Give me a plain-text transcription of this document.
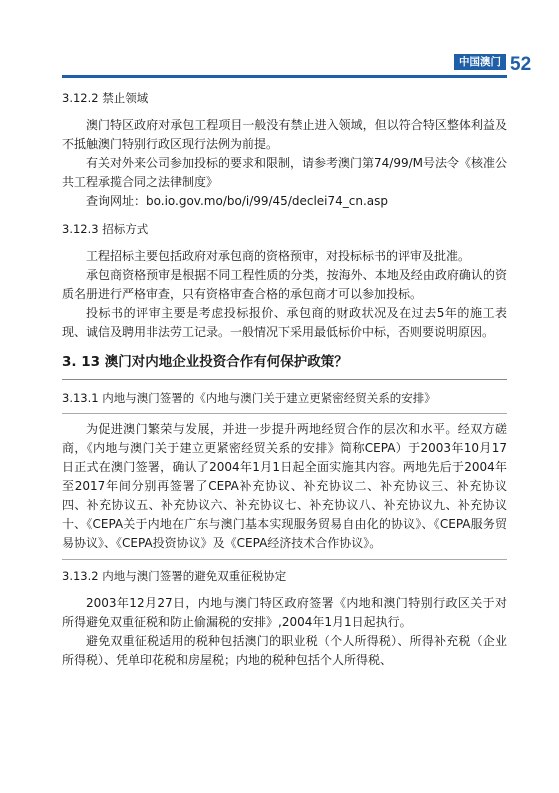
中国澳门 52
3.12.2 禁止领域

澳门特区政府对承包工程项目一般没有禁止进入领域，但以符合特区整体利益及不抵触澳门特别行政区现行法例为前提。

有关对外来公司参加投标的要求和限制，请参考澳门第74/99/M号法令《核准公共工程承揽合同之法律制度》

查询网址：bo.io.gov.mo/bo/i/99/45/declei74_cn.asp

3.12.3 招标方式

工程招标主要包括政府对承包商的资格预审，对投标标书的评审及批准。

承包商资格预审是根据不同工程性质的分类，按海外、本地及经由政府确认的资质名册进行严格审查，只有资格审查合格的承包商才可以参加投标。

投标书的评审主要是考虑投标报价、承包商的财政状况及在过去5年的施工表现、诚信及聘用非法劳工记录。一般情况下采用最低标价中标，否则要说明原因。

3. 13 澳门对内地企业投资合作有何保护政策？
3.13.1 内地与澳门签署的《内地与澳门关于建立更紧密经贸关系的安排》

为促进澳门繁荣与发展，并进一步提升两地经贸合作的层次和水平。经双方磋商，《内地与澳门关于建立更紧密经贸关系的安排》简称CEPA）于2003年10月17日正式在澳门签署，确认了2004年1月1日起全面实施其内容。两地先后于2004年至2017年间分别再签署了CEPA补充协议、补充协议二、补充协议三、补充协议四、补充协议五、补充协议六、补充协议七、补充协议八、补充协议九、补充协议十、《CEPA关于内地在广东与澳门基本实现服务贸易自由化的协议》、《CEPA服务贸易协议》、《CEPA投资协议》及《CEPA经济技术合作协议》。

3.13.2 内地与澳门签署的避免双重征税协定

2003年12月27日，内地与澳门特区政府签署《内地和澳门特别行政区关于对所得避免双重征税和防止偷漏税的安排》,2004年1月1日起执行。

避免双重征税适用的税种包括澳门的职业税（个人所得税）、所得补充税（企业所得税）、凭单印花税和房屋税；内地的税种包括个人所得税、
